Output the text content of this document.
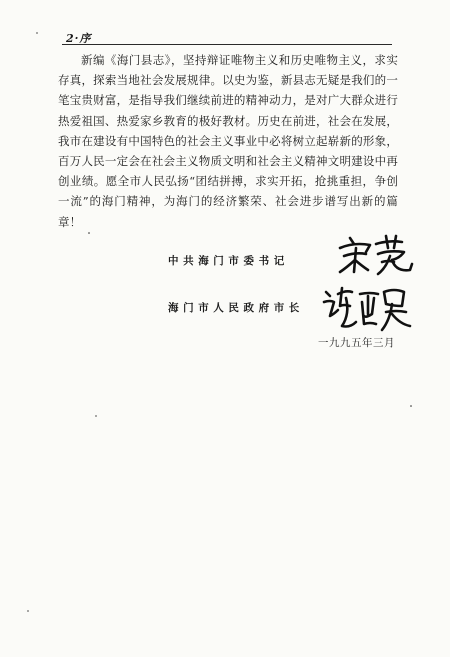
2·序
新编《海门县志》，坚持辩证唯物主义和历史唯物主义，求实存真，探索当地社会发展规律。以史为鉴，新县志无疑是我们的一笔宝贵财富，是指导我们继续前进的精神动力，是对广大群众进行热爱祖国、热爱家乡教育的极好教材。历史在前进，社会在发展，我市在建设有中国特色的社会主义事业中必将树立起崭新的形象，百万人民一定会在社会主义物质文明和社会主义精神文明建设中再创业绩。愿全市人民弘扬“团结拼搏，求实开拓，抢挑重担，争创一流”的海门精神，为海门的经济繁荣、社会进步谱写出新的篇章！
中共海门市委书记
海门市人民政府市长
一九九五年三月
